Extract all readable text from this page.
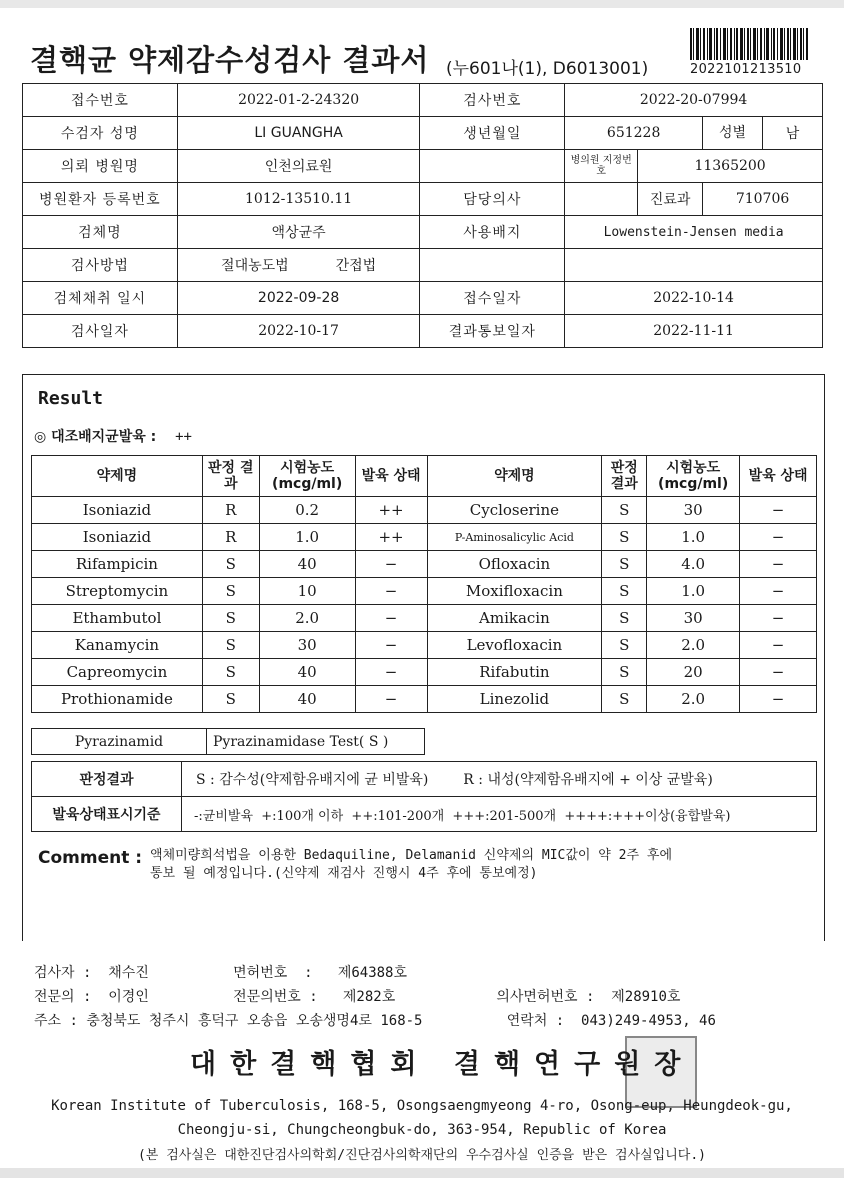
결핵균 약제감수성검사 결과서 (누601나(1), D6013001)	2022101213510
접수번호	2022-01-2-24320	검사번호	2022-20-07994		
수검자 성명	LI GUANGHA	생년월일	651228		성별 남

의뢰 병원명	인천의료원		병의원 지정번호	11365200	
병원환자 등록번호	1012-13510.11	담당의사		진료과	710706
검체명	액상균주	사용배지	Lowenstein-Jensen media		
검사방법	절대농도법 간접법				
검체채취 일시	2022-09-28	접수일자	2022-10-14		
검사일자	2022-10-17	결과통보일자	2022-11-11		
Result
◎ 대조배지균발육 : ++
약제명	판정 결과	시험농도 (mcg/ml)	발육 상태	약제명	판정 결과	시험농도 (mcg/ml)	발육 상태
Isoniazid	R	0.2	++	Cycloserine	S	30	−
Isoniazid	R	1.0	++	P-Aminosalicylic Acid	S	1.0	−
Rifampicin	S	40	−	Ofloxacin	S	4.0	−
Streptomycin	S	10	−	Moxifloxacin	S	1.0	−
Ethambutol	S	2.0	−	Amikacin	S	30	−
Kanamycin	S	30	−	Levofloxacin	S	2.0	−
Capreomycin	S	40	−	Rifabutin	S	20	−
Prothionamide	S	40	−	Linezolid	S	2.0	−
Pyrazinamid	Pyrazinamidase Test( S )
판정결과	S : 감수성(약제함유배지에 균 비발육) R : 내성(약제함유배지에 + 이상 균발육)
발육상태표시기준	-:균비발육  +:100개 이하  ++:101-200개  +++:201-500개  ++++:+++이상(융합발육)
Comment : 액체미량희석법을 이용한 Bedaquiline, Delamanid 신약제의 MIC값이 약 2주 후에
통보 될 예정입니다.(신약제 재검사 진행시 4주 후에 통보예정)
검사자 :  채수진          면허번호  :   제64388호
전문의 :  이경인          전문의번호 :   제282호            의사면허번호 :  제28910호
주소 : 충청북도 청주시 흥덕구 오송읍 오송생명4로 168-5          연락처 :  043)249-4953, 46
대한결핵협회 결핵연구원장
Korean Institute of Tuberculosis, 168-5, Osongsaengmyeong 4-ro, Osong-eup, Heungdeok-gu,
Cheongju-si, Chungcheongbuk-do, 363-954, Republic of Korea
(본 검사실은 대한진단검사의학회/진단검사의학재단의 우수검사실 인증을 받은 검사실입니다.)
